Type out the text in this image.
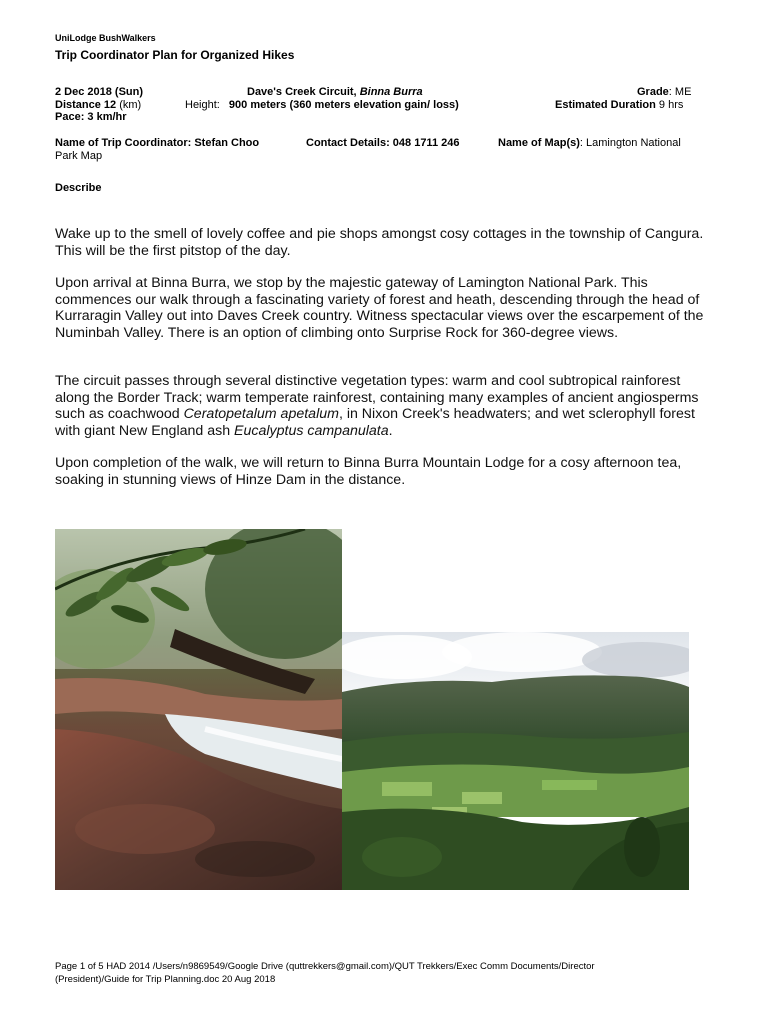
UniLodge BushWalkers
Trip Coordinator Plan for Organized Hikes
2 Dec 2018 (Sun)	Dave's Creek Circuit, Binna Burra	Grade: ME
Distance 12 (km)	Height: 900 meters (360 meters elevation gain/ loss)	Estimated Duration 9 hrs
Pace: 3 km/hr
Name of Trip Coordinator: Stefan Choo	Contact Details: 048 1711 246	Name of Map(s): Lamington National
Park Map
Describe

Wake up to the smell of lovely coffee and pie shops amongst cosy cottages in the township of Cangura. This will be the first pitstop of the day.

Upon arrival at Binna Burra, we stop by the majestic gateway of Lamington National Park. This commences our walk through a fascinating variety of forest and heath, descending through the head of Kurraragin Valley out into Daves Creek country. Witness spectacular views over the escarpement of the Numinbah Valley. There is an option of climbing onto Surprise Rock for 360-degree views.

The circuit passes through several distinctive vegetation types: warm and cool subtropical rainforest along the Border Track; warm temperate rainforest, containing many examples of ancient angiosperms such as coachwood Ceratopetalum apetalum, in Nixon Creek's headwaters; and wet sclerophyll forest with giant New England ash Eucalyptus campanulata.

Upon completion of the walk, we will return to Binna Burra Mountain Lodge for a cosy afternoon tea, soaking in stunning views of Hinze Dam in the distance.

Page 1 of 5 HAD 2014 /Users/n9869549/Google Drive (quttrekkers@gmail.com)/QUT Trekkers/Exec Comm Documents/Director
(President)/Guide for Trip Planning.doc 20 Aug 2018
